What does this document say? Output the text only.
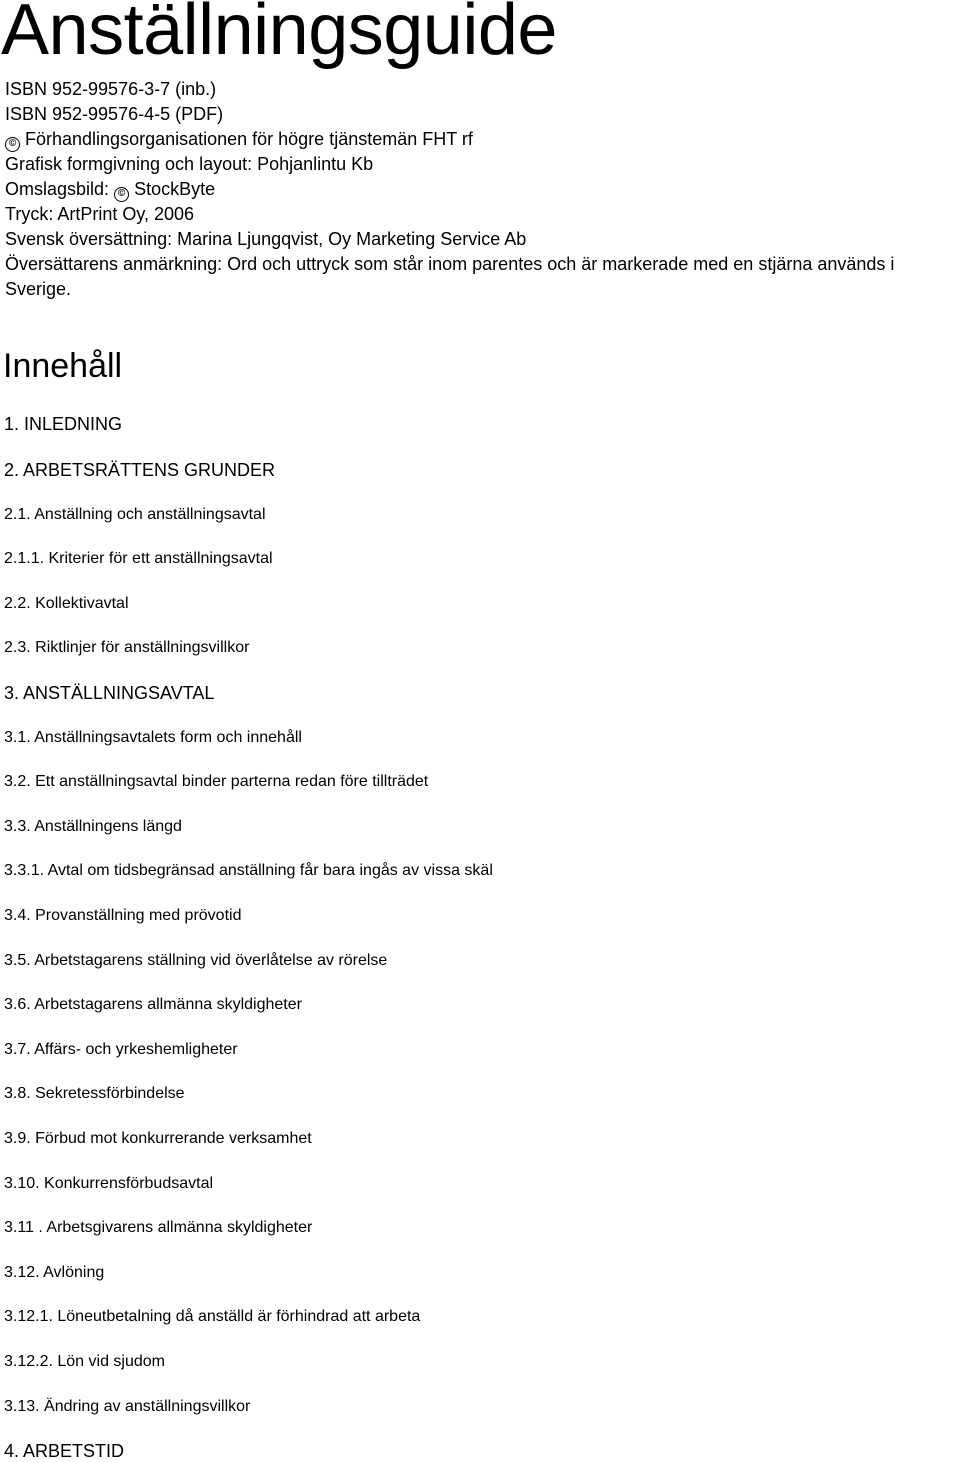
Anställningsguide
ISBN 952-99576-3-7 (inb.)
ISBN 952-99576-4-5 (PDF)
© Förhandlingsorganisationen för högre tjänstemän FHT rf
Grafisk formgivning och layout: Pohjanlintu Kb
Omslagsbild: © StockByte
Tryck: ArtPrint Oy, 2006
Svensk översättning: Marina Ljungqvist, Oy Marketing Service Ab
Översättarens anmärkning: Ord och uttryck som står inom parentes och är markerade med en stjärna används i Sverige.
Innehåll
1. INLEDNING
2. ARBETSRÄTTENS GRUNDER
2.1. Anställning och anställningsavtal
2.1.1. Kriterier för ett anställningsavtal
2.2. Kollektivavtal
2.3. Riktlinjer för anställningsvillkor
3. ANSTÄLLNINGSAVTAL
3.1. Anställningsavtalets form och innehåll
3.2. Ett anställningsavtal binder parterna redan före tillträdet
3.3. Anställningens längd
3.3.1. Avtal om tidsbegränsad anställning får bara ingås av vissa skäl
3.4. Provanställning med prövotid
3.5. Arbetstagarens ställning vid överlåtelse av rörelse
3.6. Arbetstagarens allmänna skyldigheter
3.7. Affärs- och yrkeshemligheter
3.8. Sekretessförbindelse
3.9. Förbud mot konkurrerande verksamhet
3.10. Konkurrensförbudsavtal
3.11 . Arbetsgivarens allmänna skyldigheter
3.12. Avlöning
3.12.1. Löneutbetalning då anställd är förhindrad att arbeta
3.12.2. Lön vid sjudom
3.13. Ändring av anställningsvillkor
4. ARBETSTID
